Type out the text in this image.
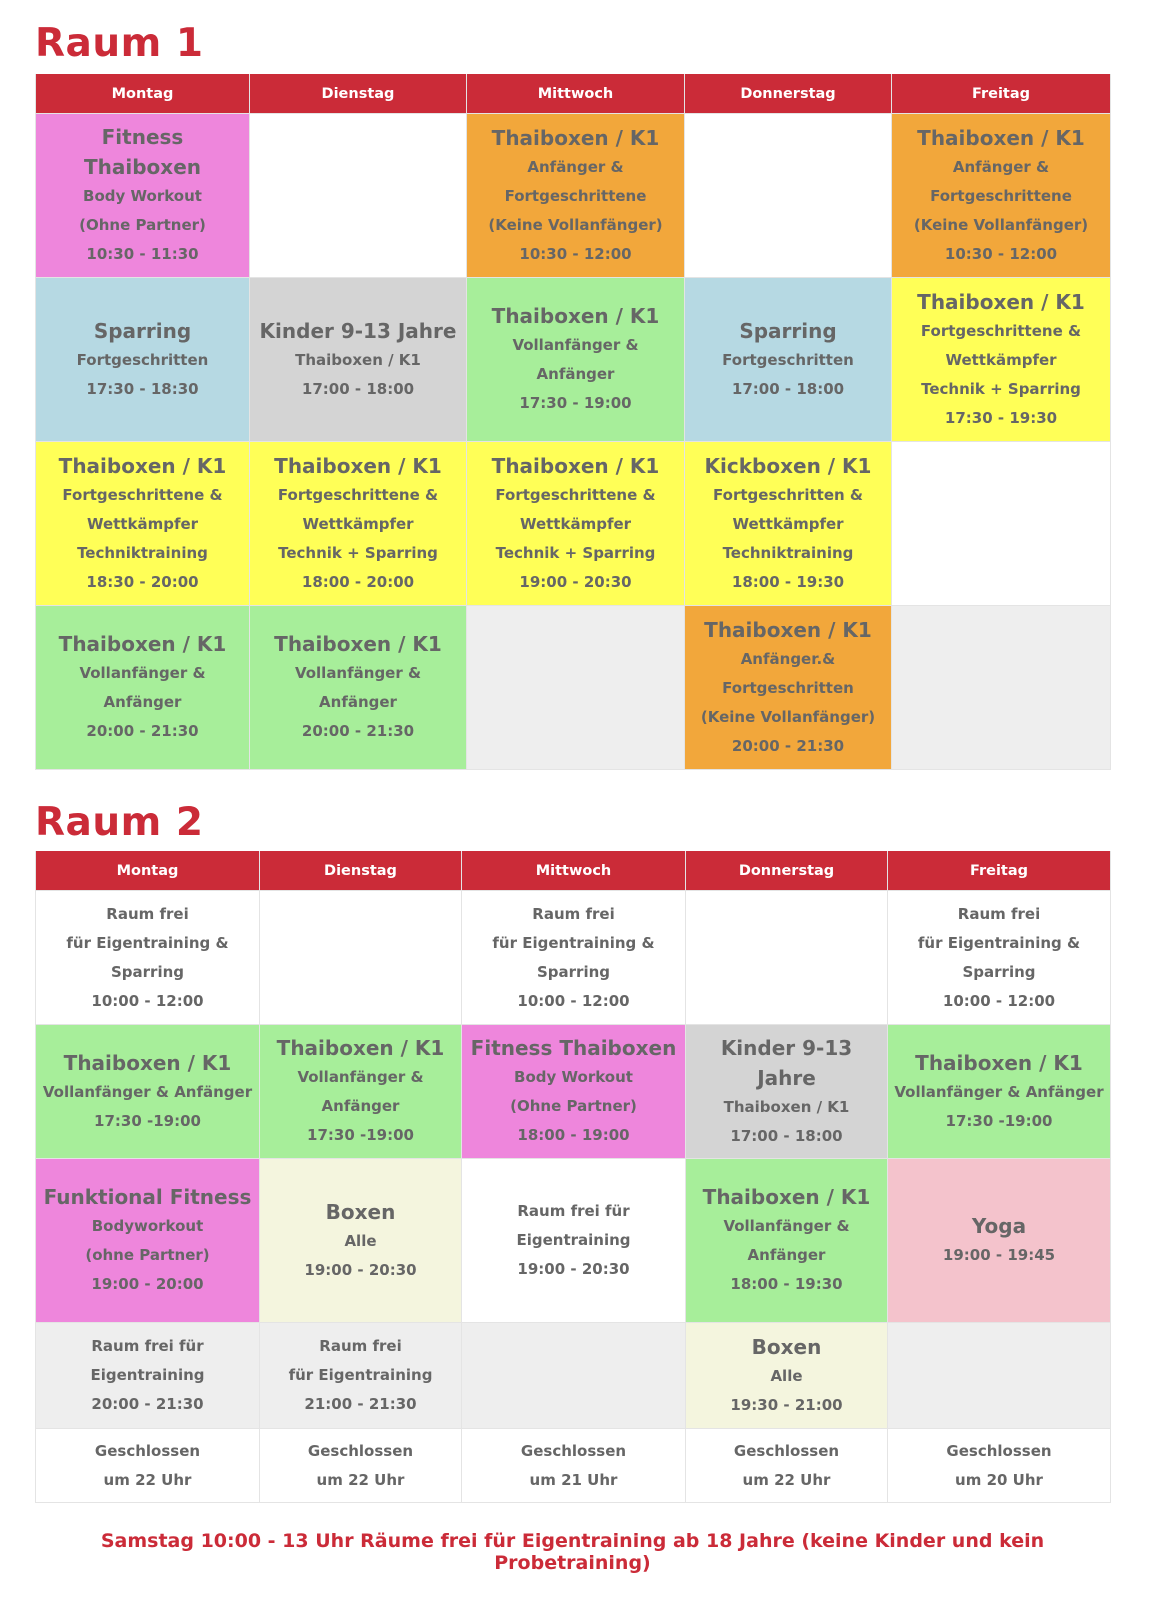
Raum 1
Montag	Dienstag	Mittwoch	Donnerstag	Freitag

Fitness Thaiboxen
Body Workout
(Ohne Partner)
10:30 - 11:30		Thaiboxen / K1
Anfänger &
Fortgeschrittene
(Keine Vollanfänger)
10:30 - 12:00		Thaiboxen / K1
Anfänger &
Fortgeschrittene
(Keine Vollanfänger)
10:30 - 12:00

Sparring
Fortgeschritten
17:30 - 18:30	Kinder 9-13 Jahre
Thaiboxen / K1
17:00 - 18:00	Thaiboxen / K1
Vollanfänger & Anfänger
17:30 - 19:00	Sparring
Fortgeschritten
17:00 - 18:00	Thaiboxen / K1
Fortgeschrittene &
Wettkämpfer
Technik + Sparring
17:30 - 19:30

Thaiboxen / K1
Fortgeschrittene &
Wettkämpfer
Techniktraining
18:30 - 20:00	Thaiboxen / K1
Fortgeschrittene &
Wettkämpfer
Technik + Sparring
18:00 - 20:00	Thaiboxen / K1
Fortgeschrittene &
Wettkämpfer
Technik + Sparring
19:00 - 20:30	Kickboxen / K1
Fortgeschritten &
Wettkämpfer
Techniktraining
18:00 - 19:30	

Thaiboxen / K1
Vollanfänger & Anfänger
20:00 - 21:30	Thaiboxen / K1
Vollanfänger & Anfänger
20:00 - 21:30		Thaiboxen / K1
Anfänger.&
Fortgeschritten
(Keine Vollanfänger)
20:00 - 21:30	

Raum 2
Montag	Dienstag	Mittwoch	Donnerstag	Freitag

Raum frei
für Eigentraining &
Sparring
10:00 - 12:00		Raum frei
für Eigentraining &
Sparring
10:00 - 12:00		Raum frei
für Eigentraining &
Sparring
10:00 - 12:00

Thaiboxen / K1
Vollanfänger & Anfänger
17:30 -19:00	Thaiboxen / K1
Vollanfänger &
Anfänger
17:30 -19:00	Fitness Thaiboxen
Body Workout
(Ohne Partner)
18:00 - 19:00	Kinder 9-13 Jahre
Thaiboxen / K1
17:00 - 18:00	Thaiboxen / K1
Vollanfänger & Anfänger
17:30 -19:00

Funktional Fitness
Bodyworkout
(ohne Partner)
19:00 - 20:00	Boxen
Alle
19:00 - 20:30	Raum frei für
Eigentraining
19:00 - 20:30	Thaiboxen / K1
Vollanfänger &
Anfänger
18:00 - 19:30	Yoga
19:00 - 19:45

Raum frei für
Eigentraining
20:00 - 21:30	Raum frei
für Eigentraining
21:00 - 21:30		Boxen
Alle
19:30 - 21:00	

Geschlossen
um 22 Uhr	Geschlossen
um 22 Uhr	Geschlossen
um 21 Uhr	Geschlossen
um 22 Uhr	Geschlossen
um 20 Uhr

Samstag 10:00 - 13 Uhr Räume frei für Eigentraining ab 18 Jahre (keine Kinder und kein Probetraining)
